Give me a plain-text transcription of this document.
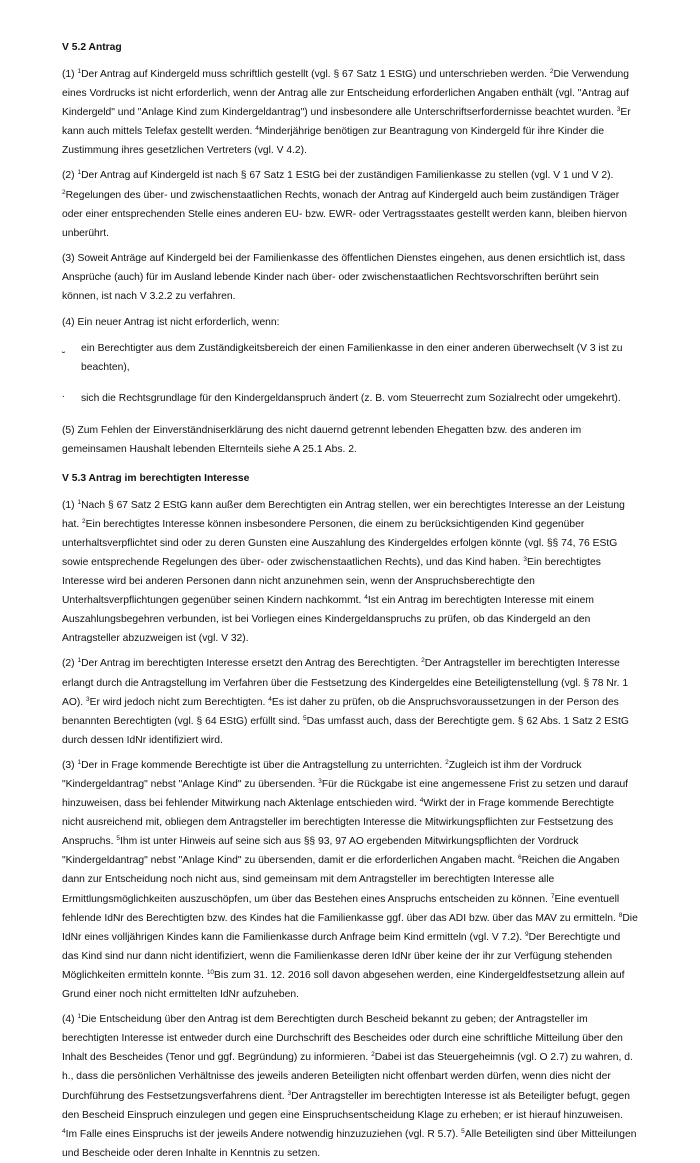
V 5.2 Antrag

(1) $^1$Der Antrag auf Kindergeld muss schriftlich gestellt (vgl. § 67 Satz 1 EStG) und unterschrieben werden. $^2$Die Verwendung eines Vordrucks ist nicht erforderlich, wenn der Antrag alle zur Entscheidung erforderlichen Angaben enthält (vgl. "Antrag auf Kindergeld" und "Anlage Kind zum Kindergeldantrag") und insbesondere alle Unterschriftserfordernisse beachtet wurden. $^3$Er kann auch mittels Telefax gestellt werden. $^4$Minderjährige benötigen zur Beantragung von Kindergeld für ihre Kinder die Zustimmung ihres gesetzlichen Vertreters (vgl. V 4.2).

(2) $^1$Der Antrag auf Kindergeld ist nach § 67 Satz 1 EStG bei der zuständigen Familienkasse zu stellen (vgl. V 1 und V 2). $^2$Regelungen des über- und zwischenstaatlichen Rechts, wonach der Antrag auf Kindergeld auch beim zuständigen Träger oder einer entsprechenden Stelle eines anderen EU- bzw. EWR- oder Vertragsstaates gestellt werden kann, bleiben hiervon unberührt.

(3) Soweit Anträge auf Kindergeld bei der Familienkasse des öffentlichen Dienstes eingehen, aus denen ersichtlich ist, dass Ansprüche (auch) für im Ausland lebende Kinder nach über- oder zwischenstaatlichen Rechtsvorschriften berührt sein können, ist nach V 3.2.2 zu verfahren.

(4) Ein neuer Antrag ist nicht erforderlich, wenn:

˘
ein Berechtigter aus dem Zuständigkeitsbereich der einen Familienkasse in den einer anderen überwechselt (V 3 ist zu beachten),
. sich die Rechtsgrundlage für den Kindergeldanspruch ändert (z. B. vom Steuerrecht zum Sozialrecht oder umgekehrt).

(5) Zum Fehlen der Einverständniserklärung des nicht dauernd getrennt lebenden Ehegatten bzw. des anderen im gemeinsamen Haushalt lebenden Elternteils siehe A 25.1 Abs. 2.

V 5.3 Antrag im berechtigten Interesse

(1) $^1$Nach § 67 Satz 2 EStG kann außer dem Berechtigten ein Antrag stellen, wer ein berechtigtes Interesse an der Leistung hat. $^2$Ein berechtigtes Interesse können insbesondere Personen, die einem zu berücksichtigenden Kind gegenüber unterhaltsverpflichtet sind oder zu deren Gunsten eine Auszahlung des Kindergeldes erfolgen könnte (vgl. §§ 74, 76 EStG sowie entsprechende Regelungen des über- oder zwischenstaatlichen Rechts), und das Kind haben. $^3$Ein berechtigtes Interesse wird bei anderen Personen dann nicht anzunehmen sein, wenn der Anspruchsberechtigte den Unterhaltsverpflichtungen gegenüber seinen Kindern nachkommt. $^4$Ist ein Antrag im berechtigten Interesse mit einem Auszahlungsbegehren verbunden, ist bei Vorliegen eines Kindergeldanspruchs zu prüfen, ob das Kindergeld an den Antragsteller abzuzweigen ist (vgl. V 32).

(2) $^1$Der Antrag im berechtigten Interesse ersetzt den Antrag des Berechtigten. $^2$Der Antragsteller im berechtigten Interesse erlangt durch die Antragstellung im Verfahren über die Festsetzung des Kindergeldes eine Beteiligtenstellung (vgl. § 78 Nr. 1 AO). $^3$Er wird jedoch nicht zum Berechtigten. $^4$Es ist daher zu prüfen, ob die Anspruchsvoraussetzungen in der Person des benannten Berechtigten (vgl. § 64 EStG) erfüllt sind. $^5$Das umfasst auch, dass der Berechtigte gem. § 62 Abs. 1 Satz 2 EStG durch dessen IdNr identifiziert wird.

(3) $^1$Der in Frage kommende Berechtigte ist über die Antragstellung zu unterrichten. $^2$Zugleich ist ihm der Vordruck "Kindergeldantrag" nebst "Anlage Kind" zu übersenden. $^3$Für die Rückgabe ist eine angemessene Frist zu setzen und darauf hinzuweisen, dass bei fehlender Mitwirkung nach Aktenlage entschieden wird. $^4$Wirkt der in Frage kommende Berechtigte nicht ausreichend mit, obliegen dem Antragsteller im berechtigten Interesse die Mitwirkungspflichten zur Festsetzung des Anspruchs. $^5$Ihm ist unter Hinweis auf seine sich aus §§ 93, 97 AO ergebenden Mitwirkungspflichten der Vordruck "Kindergeldantrag" nebst "Anlage Kind" zu übersenden, damit er die erforderlichen Angaben macht. $^6$Reichen die Angaben dann zur Entscheidung noch nicht aus, sind gemeinsam mit dem Antragsteller im berechtigten Interesse alle Ermittlungsmöglichkeiten auszuschöpfen, um über das Bestehen eines Anspruchs entscheiden zu können. $^7$Eine eventuell fehlende IdNr des Berechtigten bzw. des Kindes hat die Familienkasse ggf. über das ADI bzw. über das MAV zu ermitteln. $^8$Die IdNr eines volljährigen Kindes kann die Familienkasse durch Anfrage beim Kind ermitteln (vgl. V 7.2). $^9$Der Berechtigte und das Kind sind nur dann nicht identifiziert, wenn die Familienkasse deren IdNr über keine der ihr zur Verfügung stehenden Möglichkeiten ermitteln konnte. $^{10}$Bis zum 31. 12. 2016 soll davon abgesehen werden, eine Kindergeldfestsetzung allein auf Grund einer noch nicht ermittelten IdNr aufzuheben.

(4) $^1$Die Entscheidung über den Antrag ist dem Berechtigten durch Bescheid bekannt zu geben; der Antragsteller im berechtigten Interesse ist entweder durch eine Durchschrift des Bescheides oder durch eine schriftliche Mitteilung über den Inhalt des Bescheides (Tenor und ggf. Begründung) zu informieren. $^2$Dabei ist das Steuergeheimnis (vgl. O 2.7) zu wahren, d. h., dass die persönlichen Verhältnisse des jeweils anderen Beteiligten nicht offenbart werden dürfen, wenn dies nicht der Durchführung des Festsetzungsverfahrens dient. $^3$Der Antragsteller im berechtigten Interesse ist als Beteiligter befugt, gegen den Bescheid Einspruch einzulegen und gegen eine Einspruchsentscheidung Klage zu erheben; er ist hierauf hinzuweisen. $^4$Im Falle eines Einspruchs ist der jeweils Andere notwendig hinzuzuziehen (vgl. R 5.7). $^5$Alle Beteiligten sind über Mitteilungen und Bescheide oder deren Inhalte in Kenntnis zu setzen.
